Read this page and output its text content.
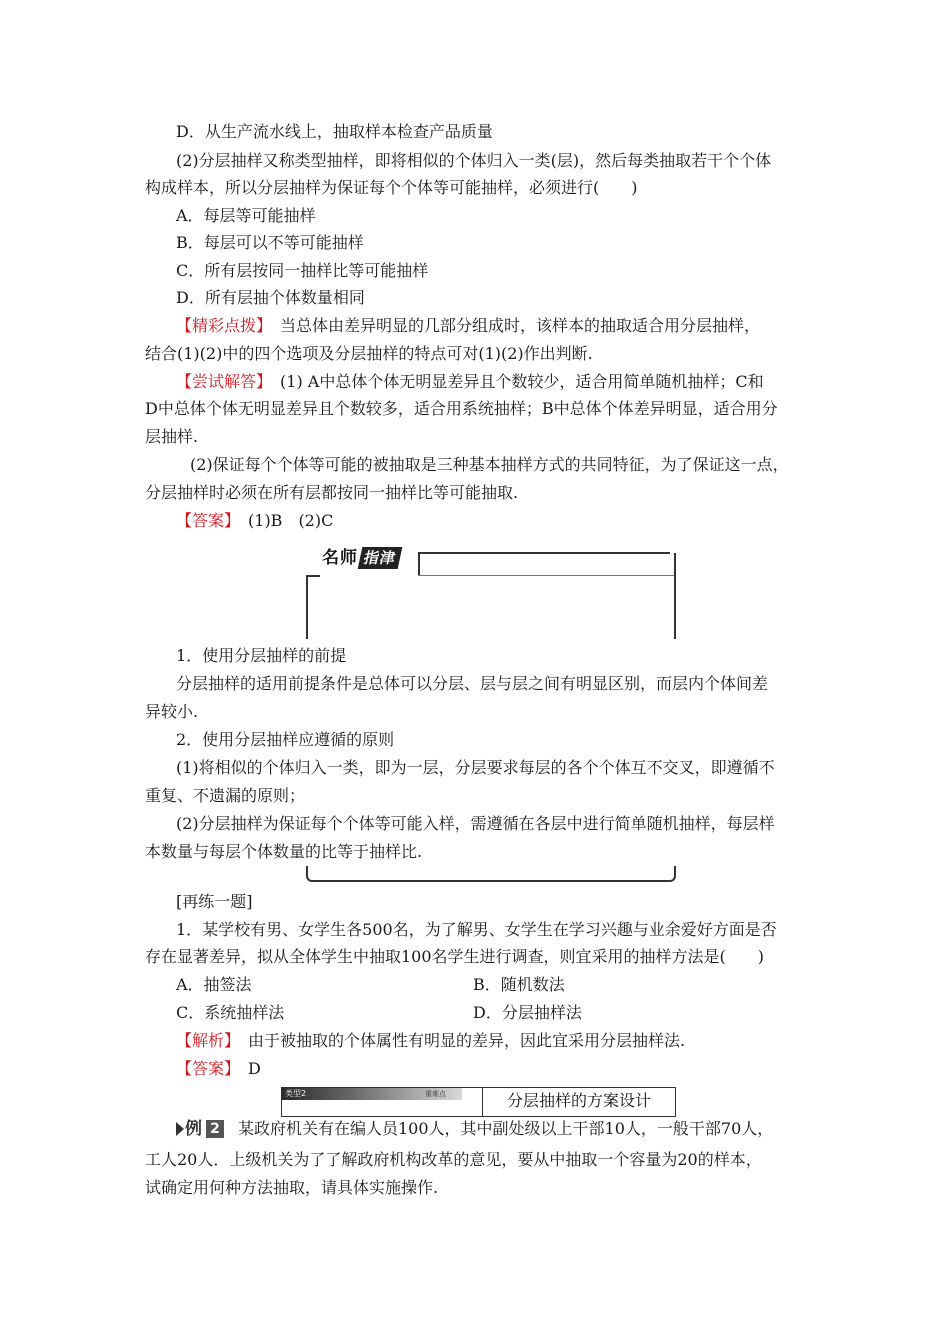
D．从生产流水线上，抽取样本检查产品质量
(2)分层抽样又称类型抽样，即将相似的个体归入一类(层)，然后每类抽取若干个个体
构成样本，所以分层抽样为保证每个个体等可能抽样，必须进行(　　)
A．每层等可能抽样
B．每层可以不等可能抽样
C．所有层按同一抽样比等可能抽样
D．所有层抽个体数量相同
【精彩点拨】　当总体由差异明显的几部分组成时，该样本的抽取适合用分层抽样，
结合(1)(2)中的四个选项及分层抽样的特点可对(1)(2)作出判断.
【尝试解答】　(1) A中总体个体无明显差异且个数较少，适合用简单随机抽样；C和
D中总体个体无明显差异且个数较多，适合用系统抽样；B中总体个体差异明显，适合用分
层抽样.
(2)保证每个个体等可能的被抽取是三种基本抽样方式的共同特征，为了保证这一点，
分层抽样时必须在所有层都按同一抽样比等可能抽取.
【答案】　(1)B　(2)C
名师 指津
1．使用分层抽样的前提
分层抽样的适用前提条件是总体可以分层、层与层之间有明显区别，而层内个体间差
异较小.
2．使用分层抽样应遵循的原则
(1)将相似的个体归入一类，即为一层，分层要求每层的各个个体互不交叉，即遵循不
重复、不遗漏的原则；
(2)分层抽样为保证每个个体等可能入样，需遵循在各层中进行简单随机抽样，每层样
本数量与每层个体数量的比等于抽样比.
[再练一题]
1．某学校有男、女学生各500名，为了解男、女学生在学习兴趣与业余爱好方面是否
存在显著差异，拟从全体学生中抽取100名学生进行调查，则宜采用的抽样方法是(　　)
A．抽签法	B．随机数法
C．系统抽样法	D．分层抽样法
【解析】　由于被抽取的个体属性有明显的差异，因此宜采用分层抽样法.
【答案】　D
类型2	重难点	分层抽样的方案设计
例 2 　某政府机关有在编人员100人，其中副处级以上干部10人，一般干部70人，
工人20人．上级机关为了了解政府机构改革的意见，要从中抽取一个容量为20的样本，
试确定用何种方法抽取，请具体实施操作.
